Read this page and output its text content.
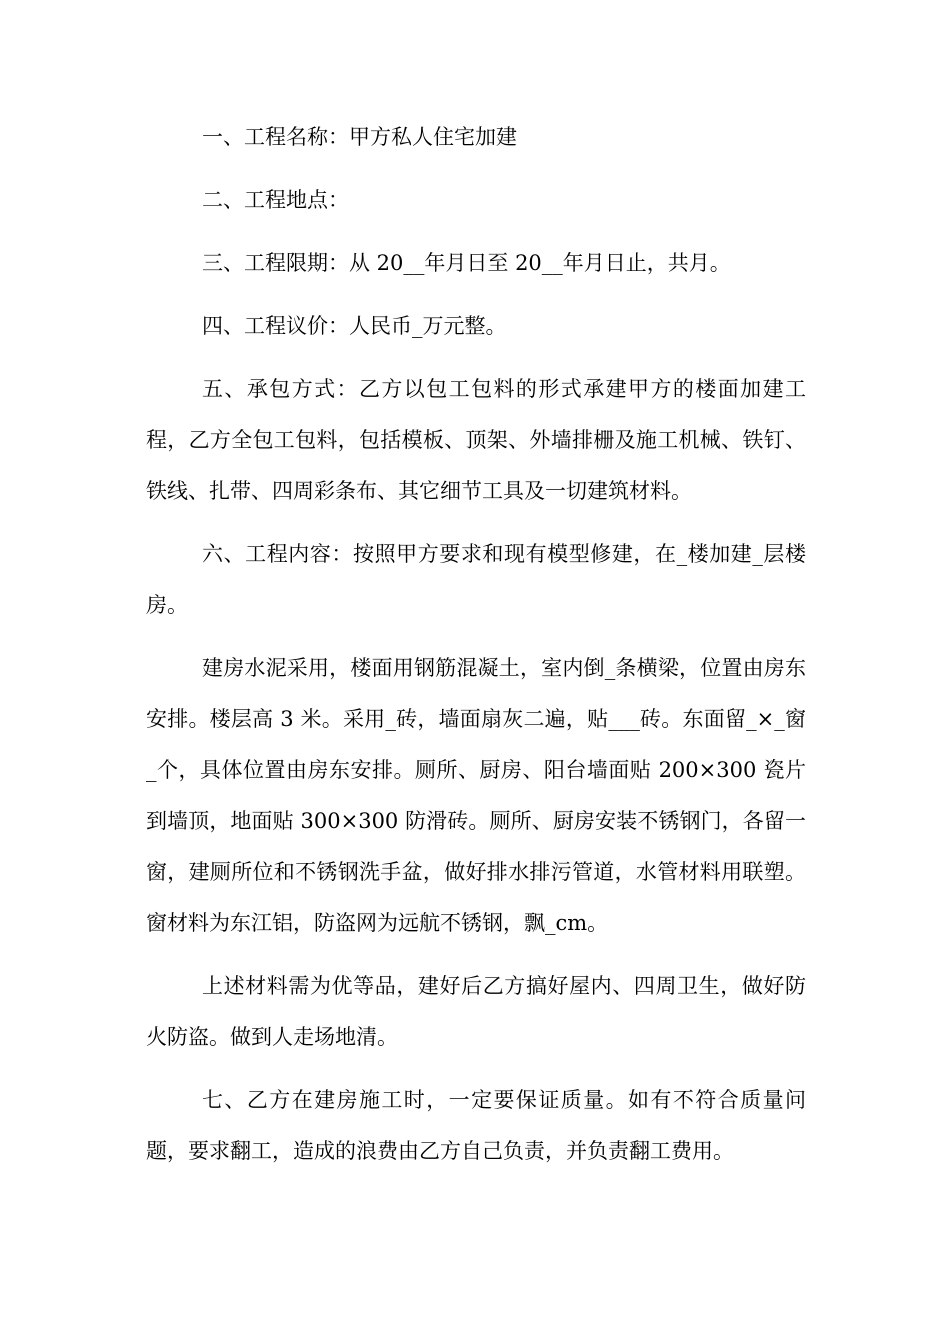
一、工程名称：甲方私人住宅加建

二、工程地点：

三、工程限期：从 20__年月日至 20__年月日止，共月。

四、工程议价：人民币_万元整。

五、承包方式：乙方以包工包料的形式承建甲方的楼面加建工程，乙方全包工包料，包括模板、顶架、外墙排栅及施工机械、铁钉、铁线、扎带、四周彩条布、其它细节工具及一切建筑材料。

六、工程内容：按照甲方要求和现有模型修建，在_楼加建_层楼房。

建房水泥采用，楼面用钢筋混凝土，室内倒_条横梁，位置由房东安排。楼层高 3 米。采用_砖，墙面扇灰二遍，贴___砖。东面留_×_窗_个，具体位置由房东安排。厕所、厨房、阳台墙面贴 200×300 瓷片到墙顶，地面贴 300×300 防滑砖。厕所、厨房安装不锈钢门，各留一窗，建厕所位和不锈钢洗手盆，做好排水排污管道，水管材料用联塑。窗材料为东江铝，防盗网为远航不锈钢，飘_cm。

上述材料需为优等品，建好后乙方搞好屋内、四周卫生，做好防火防盗。做到人走场地清。

七、乙方在建房施工时，一定要保证质量。如有不符合质量问题，要求翻工，造成的浪费由乙方自己负责，并负责翻工费用。
